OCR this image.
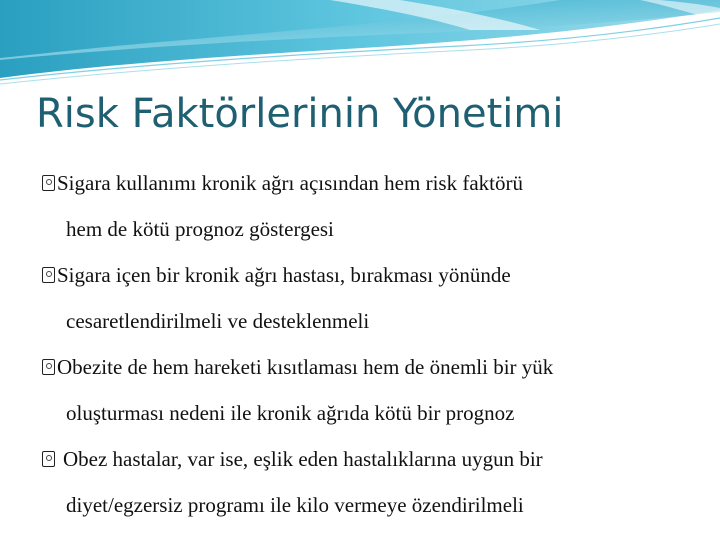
Risk Faktörlerinin Yönetimi
Sigara kullanımı kronik ağrı açısından hem risk faktörü
hem de kötü prognoz göstergesi
Sigara içen bir kronik ağrı hastası, bırakması yönünde
cesaretlendirilmeli ve desteklenmeli
Obezite de hem hareketi kısıtlaması hem de önemli bir yük
oluşturması nedeni ile kronik ağrıda kötü bir prognoz
Obez hastalar, var ise, eşlik eden hastalıklarına uygun bir
diyet/egzersiz programı ile kilo vermeye özendirilmeli
